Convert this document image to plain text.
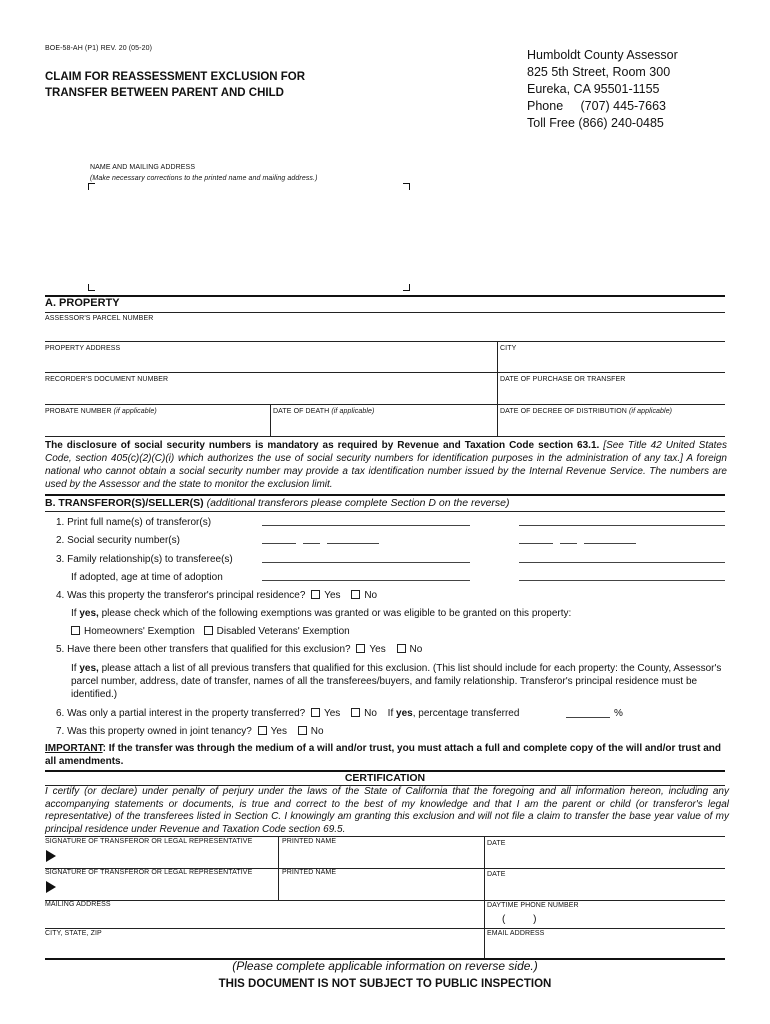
BOE-58-AH (P1) REV. 20 (05-20)
CLAIM FOR REASSESSMENT EXCLUSION FOR
TRANSFER BETWEEN PARENT AND CHILD
Humboldt County Assessor
825 5th Street, Room 300
Eureka, CA 95501-1155
Phone     (707) 445-7663
Toll Free (866) 240-0485
NAME AND MAILING ADDRESS
(Make necessary corrections to the printed name and mailing address.)
A. PROPERTY
ASSESSOR'S PARCEL NUMBER
PROPERTY ADDRESS	CITY
RECORDER'S DOCUMENT NUMBER	DATE OF PURCHASE OR TRANSFER
PROBATE NUMBER (if applicable)	DATE OF DEATH (if applicable)	DATE OF DECREE OF DISTRIBUTION (if applicable)
The disclosure of social security numbers is mandatory as required by Revenue and Taxation Code section 63.1. [See Title 42 United States Code, section 405(c)(2)(C)(i) which authorizes the use of social security numbers for identification purposes in the administration of any tax.] A foreign national who cannot obtain a social security number may provide a tax identification number issued by the Internal Revenue Service. The numbers are used by the Assessor and the state to monitor the exclusion limit.
B. TRANSFEROR(S)/SELLER(S) (additional transferors please complete Section D on the reverse)
1. Print full name(s) of transferor(s)
2. Social security number(s)
3. Family relationship(s) to transferee(s)
If adopted, age at time of adoption
4. Was this property the transferor's principal residence? Yes No
If yes, please check which of the following exemptions was granted or was eligible to be granted on this property:
Homeowners' Exemption Disabled Veterans' Exemption
5. Have there been other transfers that qualified for this exclusion? Yes No
If yes, please attach a list of all previous transfers that qualified for this exclusion. (This list should include for each property: the County, Assessor's parcel number, address, date of transfer, names of all the transferees/buyers, and family relationship. Transferor's principal residence must be identified.)
6. Was only a partial interest in the property transferred? Yes No If yes, percentage transferred	%
7. Was this property owned in joint tenancy? Yes No
IMPORTANT: If the transfer was through the medium of a will and/or trust, you must attach a full and complete copy of the will and/or trust and all amendments.
CERTIFICATION
I certify (or declare) under penalty of perjury under the laws of the State of California that the foregoing and all information hereon, including any accompanying statements or documents, is true and correct to the best of my knowledge and that I am the parent or child (or transferor's legal representative) of the transferees listed in Section C. I knowingly am granting this exclusion and will not file a claim to transfer the base year value of my principal residence under Revenue and Taxation Code section 69.5.
SIGNATURE OF TRANSFEROR OR LEGAL REPRESENTATIVE	PRINTED NAME	DATE
SIGNATURE OF TRANSFEROR OR LEGAL REPRESENTATIVE	PRINTED NAME	DATE
MAILING ADDRESS	DAYTIME PHONE NUMBER
(          )
CITY, STATE, ZIP	EMAIL ADDRESS
(Please complete applicable information on reverse side.)
THIS DOCUMENT IS NOT SUBJECT TO PUBLIC INSPECTION
